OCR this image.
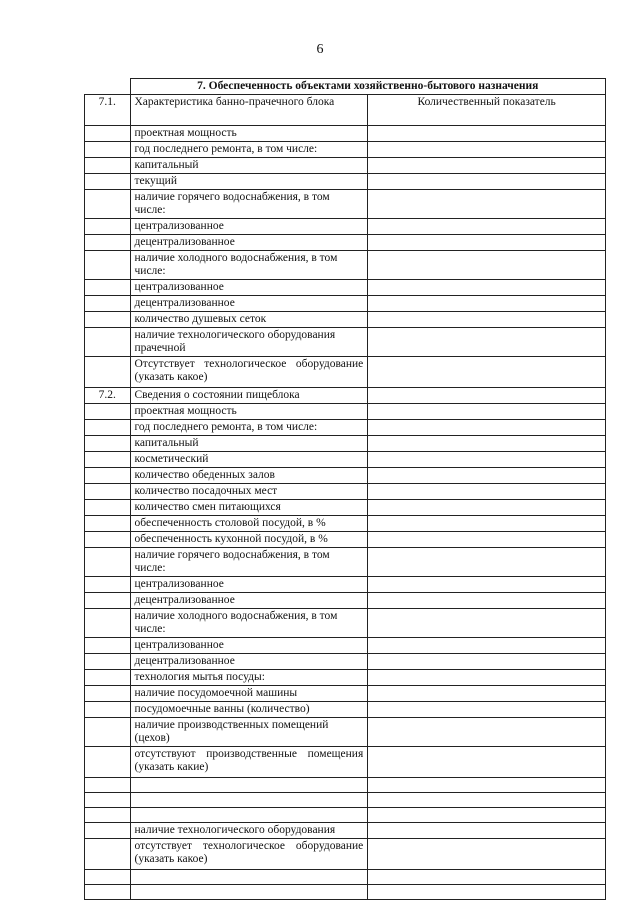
6
	7. Обеспеченность объектами хозяйственно-бытового назначения	
7.1.	Характеристика банно-прачечного блока	Количественный показатель
	проектная мощность	
	год последнего ремонта, в том числе:	
	капитальный	
	текущий	
	наличие горячего водоснабжения, в том числе:	
	централизованное	
	децентрализованное	
	наличие холодного водоснабжения, в том числе:	
	централизованное	
	децентрализованное	
	количество душевых сеток	
	наличие технологического оборудования прачечной	
	Отсутствует технологическое оборудование (указать какое)	
7.2.	Сведения о состоянии пищеблока	
	проектная мощность	
	год последнего ремонта, в том числе:	
	капитальный	
	косметический	
	количество обеденных залов	
	количество посадочных мест	
	количество смен питающихся	
	обеспеченность столовой посудой, в %	
	обеспеченность кухонной посудой, в %	
	наличие горячего водоснабжения, в том числе:	
	централизованное	
	децентрализованное	
	наличие холодного водоснабжения, в том числе:	
	централизованное	
	децентрализованное	
	технология мытья посуды:	
	наличие посудомоечной машины	
	посудомоечные ванны (количество)	
	наличие производственных помещений (цехов)	
	отсутствуют производственные помещения (указать какие)	

	наличие технологического оборудования	
	отсутствует технологическое оборудование (указать какое)	
